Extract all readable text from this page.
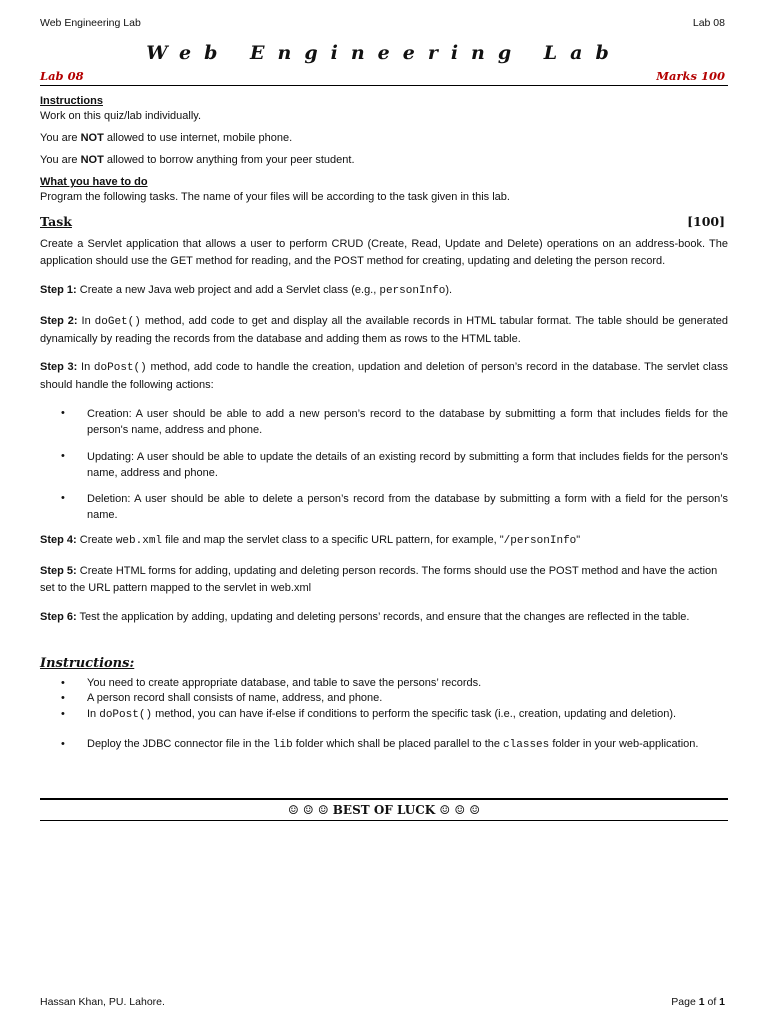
Web Engineering Lab	Lab 08
Web Engineering Lab
Lab 08	Marks 100
Instructions
Work on this quiz/lab individually.
You are NOT allowed to use internet, mobile phone.
You are NOT allowed to borrow anything from your peer student.
What you have to do
Program the following tasks. The name of your files will be according to the task given in this lab.
Task	[100]
Create a Servlet application that allows a user to perform CRUD (Create, Read, Update and Delete) operations on an address-book. The application should use the GET method for reading, and the POST method for creating, updating and deleting the person record.
Step 1: Create a new Java web project and add a Servlet class (e.g., personInfo).
Step 2: In doGet() method, add code to get and display all the available records in HTML tabular format. The table should be generated dynamically by reading the records from the database and adding them as rows to the HTML table.
Step 3: In doPost() method, add code to handle the creation, updation and deletion of person’s record in the database. The servlet class should handle the following actions:
• Creation: A user should be able to add a new person’s record to the database by submitting a form that includes fields for the person's name, address and phone.
• Updating: A user should be able to update the details of an existing record by submitting a form that includes fields for the person's name, address and phone.
• Deletion: A user should be able to delete a person’s record from the database by submitting a form with a field for the person’s name.
Step 4: Create web.xml file and map the servlet class to a specific URL pattern, for example, "/personInfo"
Step 5: Create HTML forms for adding, updating and deleting person records. The forms should use the POST method and have the action set to the URL pattern mapped to the servlet in web.xml
Step 6: Test the application by adding, updating and deleting persons’ records, and ensure that the changes are reflected in the table.
Instructions:
• You need to create appropriate database, and table to save the persons’ records.
• A person record shall consists of name, address, and phone.
• In doPost() method, you can have if-else if conditions to perform the specific task (i.e., creation, updating and deletion).
• Deploy the JDBC connector file in the lib folder which shall be placed parallel to the classes folder in your web-application.
☺ ☺ ☺ BEST OF LUCK ☺ ☺ ☺
Hassan Khan, PU. Lahore.	Page 1 of 1
